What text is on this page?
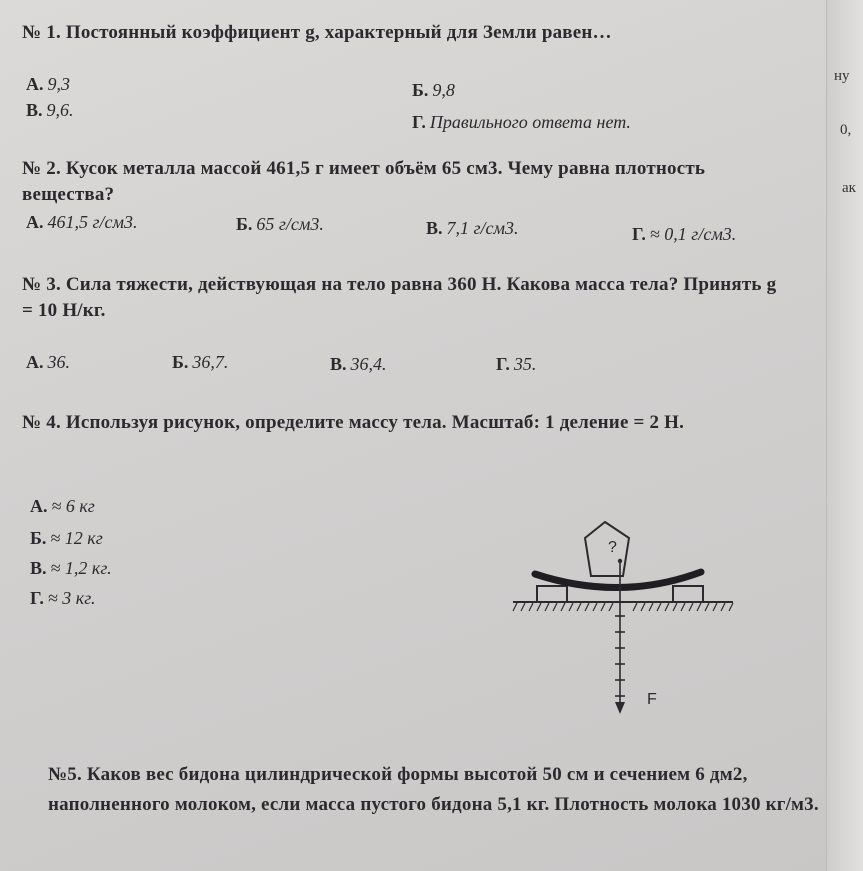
ну
0,
ак
№ 1. Постоянный коэффициент g, характерный для Земли равен…
А. 9,3	Б. 9,8
В. 9,6.
Г. Правильного ответа нет.
№ 2. Кусок металла массой 461,5 г имеет объём 65 см3. Чему равна плотность вещества?
А. 461,5 г/см3.	Б. 65 г/см3.	В. 7,1 г/см3.	Г. ≈ 0,1 г/см3.
№ 3. Сила тяжести, действующая на тело равна 360 Н. Какова масса тела? Принять g = 10 Н/кг.
А. 36.	Б. 36,7.	В. 36,4.	Г. 35.
№ 4. Используя рисунок, определите массу тела. Масштаб: 1 деление = 2 Н.
А. ≈ 6 кг
Б. ≈ 12 кг
В. ≈ 1,2 кг.
Г. ≈ 3 кг.
?
F
№5. Каков вес бидона цилиндрической формы высотой 50 см и сечением 6 дм2, наполненного молоком, если масса пустого бидона 5,1 кг. Плотность молока 1030 кг/м3.
